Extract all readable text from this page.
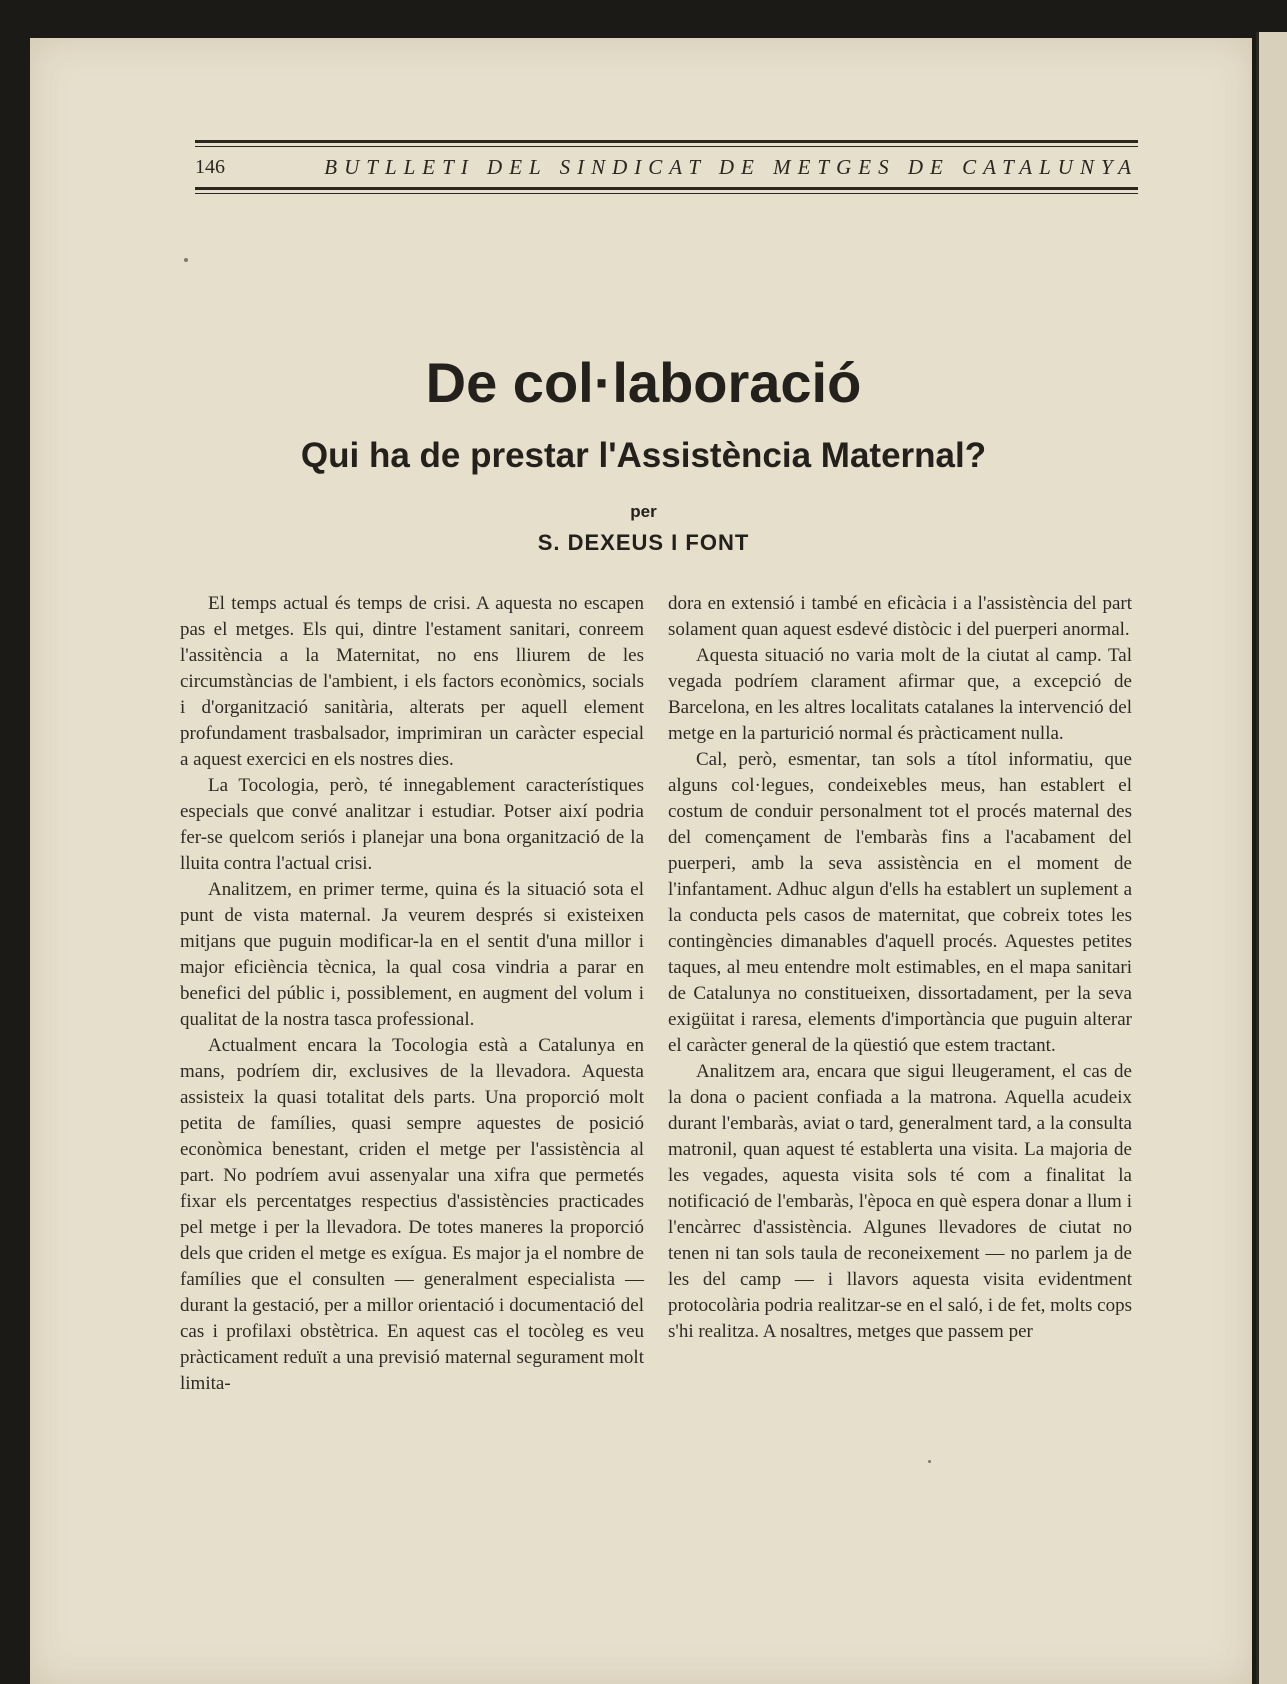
146	BUTLLETI DEL SINDICAT DE METGES DE CATALUNYA
De col·laboració
Qui ha de prestar l'Assistència Maternal?
per
S. DEXEUS I FONT

El temps actual és temps de crisi. A aquesta no escapen pas el metges. Els qui, dintre l'estament sanitari, conreem l'assitència a la Maternitat, no ens lliurem de les circumstàncias de l'ambient, i els factors econòmics, socials i d'organització sanitària, alterats per aquell element profundament trasbalsador, imprimiran un caràcter especial a aquest exercici en els nostres dies.

La Tocologia, però, té innegablement característiques especials que convé analitzar i estudiar. Potser així podria fer-se quelcom seriós i planejar una bona organització de la lluita contra l'actual crisi.

Analitzem, en primer terme, quina és la situació sota el punt de vista maternal. Ja veurem després si existeixen mitjans que puguin modificar-la en el sentit d'una millor i major eficiència tècnica, la qual cosa vindria a parar en benefici del públic i, possiblement, en augment del volum i qualitat de la nostra tasca professional.

Actualment encara la Tocologia està a Catalunya en mans, podríem dir, exclusives de la llevadora. Aquesta assisteix la quasi totalitat dels parts. Una proporció molt petita de famílies, quasi sempre aquestes de posició econòmica benestant, criden el metge per l'assistència al part. No podríem avui assenyalar una xifra que permetés fixar els percentatges respectius d'assistències practicades pel metge i per la llevadora. De totes maneres la proporció dels que criden el metge es exígua. Es major ja el nombre de famílies que el consulten — generalment especialista — durant la gestació, per a millor orientació i documentació del cas i profilaxi obstètrica. En aquest cas el tocòleg es veu pràcticament reduït a una previsió maternal segurament molt limita-

dora en extensió i també en eficàcia i a l'assistència del part solament quan aquest esdevé distòcic i del puerperi anormal.

Aquesta situació no varia molt de la ciutat al camp. Tal vegada podríem clarament afirmar que, a excepció de Barcelona, en les altres localitats catalanes la intervenció del metge en la parturició normal és pràcticament nulla.

Cal, però, esmentar, tan sols a títol informatiu, que alguns col·legues, condeixebles meus, han establert el costum de conduir personalment tot el procés maternal des del començament de l'embaràs fins a l'acabament del puerperi, amb la seva assistència en el moment de l'infantament. Adhuc algun d'ells ha establert un suplement a la conducta pels casos de maternitat, que cobreix totes les contingències dimanables d'aquell procés. Aquestes petites taques, al meu entendre molt estimables, en el mapa sanitari de Catalunya no constitueixen, dissortadament, per la seva exigüitat i raresa, elements d'importància que puguin alterar el caràcter general de la qüestió que estem tractant.

Analitzem ara, encara que sigui lleugerament, el cas de la dona o pacient confiada a la matrona. Aquella acudeix durant l'embaràs, aviat o tard, generalment tard, a la consulta matronil, quan aquest té establerta una visita. La majoria de les vegades, aquesta visita sols té com a finalitat la notificació de l'embaràs, l'època en què espera donar a llum i l'encàrrec d'assistència. Algunes llevadores de ciutat no tenen ni tan sols taula de reconeixement — no parlem ja de les del camp — i llavors aquesta visita evidentment protocolària podria realitzar-se en el saló, i de fet, molts cops s'hi realitza. A nosaltres, metges que passem per
